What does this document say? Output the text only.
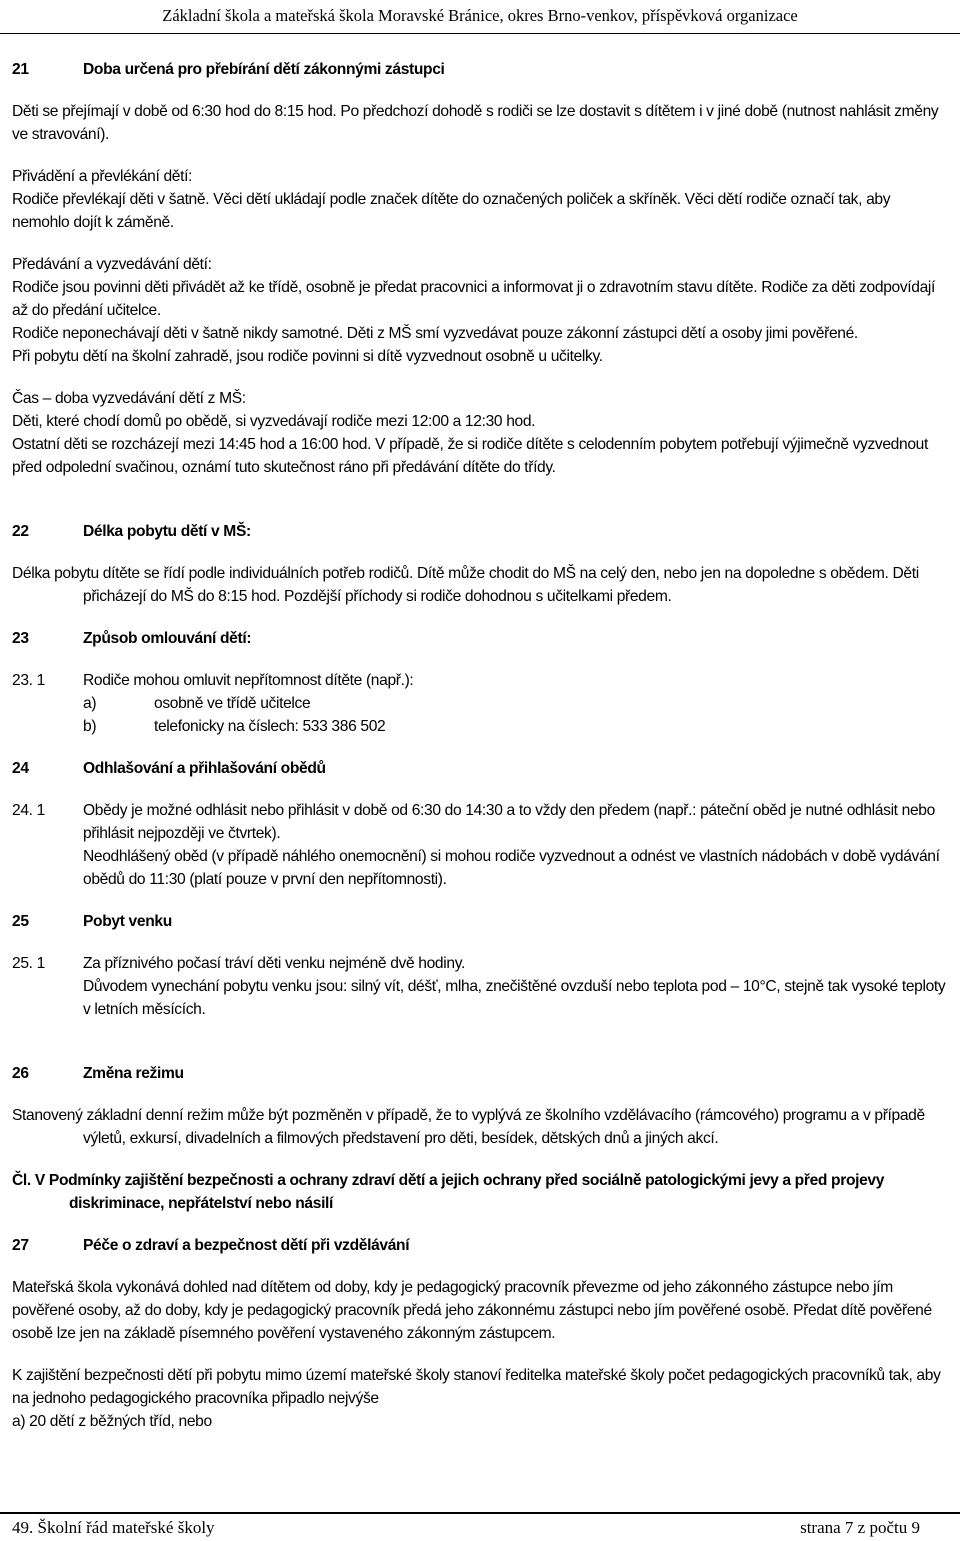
Základní škola a mateřská škola Moravské Bránice, okres Brno-venkov, příspěvková organizace
21	Doba určená pro přebírání dětí zákonnými zástupci

Děti se přejímají v době od 6:30 hod do 8:15 hod. Po předchozí dohodě s rodiči se lze dostavit s dítětem i v jiné době (nutnost nahlásit změny ve stravování).

Přivádění a převlékání dětí:

Rodiče převlékají děti v šatně. Věci dětí ukládají podle značek dítěte do označených poliček a skříněk. Věci dětí rodiče označí tak, aby nemohlo dojít k záměně.

Předávání a vyzvedávání dětí:

Rodiče jsou povinni děti přivádět až ke třídě, osobně je předat pracovnici a informovat ji o zdravotním stavu dítěte. Rodiče za děti zodpovídají až do předání učitelce.

Rodiče neponechávají děti v šatně nikdy samotné. Děti z MŠ smí vyzvedávat pouze zákonní zástupci dětí a osoby jimi pověřené.

Při pobytu dětí na školní zahradě, jsou rodiče povinni si dítě vyzvednout osobně u učitelky.

Čas – doba vyzvedávání dětí z MŠ:

Děti, které chodí domů po obědě, si vyzvedávají rodiče mezi 12:00 a 12:30 hod.

Ostatní děti se rozcházejí mezi 14:45 hod a 16:00 hod. V případě, že si rodiče dítěte s celodenním pobytem potřebují výjimečně vyzvednout před odpolední svačinou, oznámí tuto skutečnost ráno při předávání dítěte do třídy.

22	Délka pobytu dětí v MŠ:

Délka pobytu dítěte se řídí podle individuálních potřeb rodičů. Dítě může chodit do MŠ na celý den, nebo jen na dopoledne s obědem. Děti přicházejí do MŠ do 8:15 hod. Pozdější příchody si rodiče dohodnou s učitelkami předem.

23	Způsob omlouvání dětí:
23. 1	Rodiče mohou omluvit nepřítomnost dítěte (např.):
a)	osobně ve třídě učitelce
b)	telefonicky na číslech: 533 386 502
24	Odhlašování a přihlašování obědů
24. 1	Obědy je možné odhlásit nebo přihlásit v době od 6:30 do 14:30 a to vždy den předem (např.: páteční oběd je nutné odhlásit nebo přihlásit nejpozději ve čtvrtek).

Neodhlášený oběd (v případě náhlého onemocnění) si mohou rodiče vyzvednout a odnést ve vlastních nádobách v době vydávání obědů do 11:30 (platí pouze v první den nepřítomnosti).

25	Pobyt venku
25. 1	Za příznivého počasí tráví děti venku nejméně dvě hodiny.

Důvodem vynechání pobytu venku jsou: silný vít, déšť, mlha, znečištěné ovzduší nebo teplota pod – 10°C, stejně tak vysoké teploty v letních měsících.

26	Změna režimu

Stanovený základní denní režim může být pozměněn v případě, že to vyplývá ze školního vzdělávacího (rámcového) programu a v případě výletů, exkursí, divadelních a filmových představení pro děti, besídek, dětských dnů a jiných akcí.

Čl. V Podmínky zajištění bezpečnosti a ochrany zdraví dětí a jejich ochrany před sociálně patologickými jevy a před projevy diskriminace, nepřátelství nebo násilí

27	Péče o zdraví a bezpečnost dětí při vzdělávání

Mateřská škola vykonává dohled nad dítětem od doby, kdy je pedagogický pracovník převezme od jeho zákonného zástupce nebo jím pověřené osoby, až do doby, kdy je pedagogický pracovník předá jeho zákonnému zástupci nebo jím pověřené osobě. Předat dítě pověřené osobě lze jen na základě písemného pověření vystaveného zákonným zástupcem.

K zajištění bezpečnosti dětí při pobytu mimo území mateřské školy stanoví ředitelka mateřské školy počet pedagogických pracovníků tak, aby na jednoho pedagogického pracovníka připadlo nejvýše

a) 20 dětí z běžných tříd, nebo

49. Školní řád mateřské školy	strana 7 z počtu 9
